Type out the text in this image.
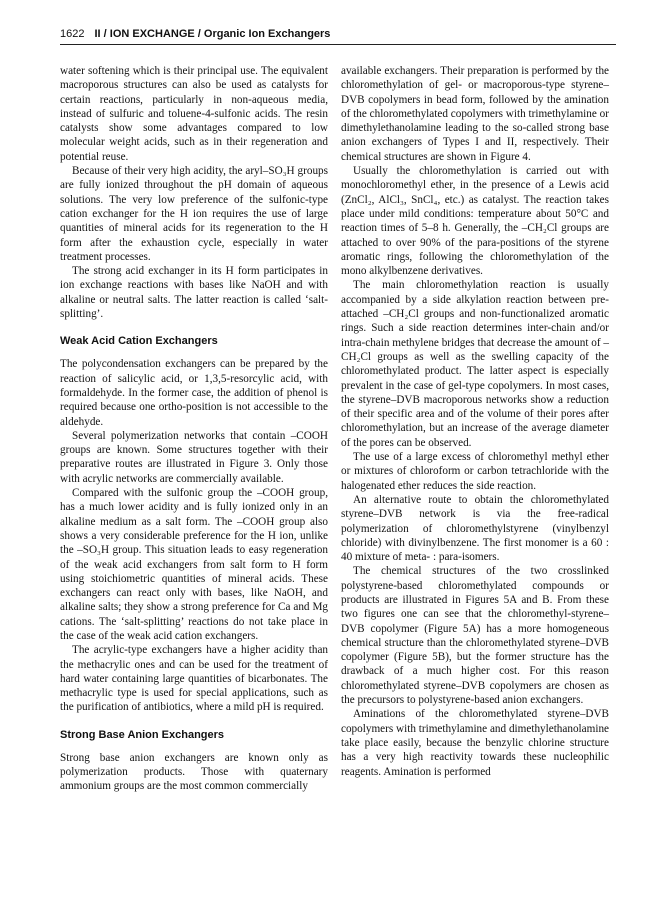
1622 II / ION EXCHANGE / Organic Ion Exchangers

water softening which is their principal use. The equivalent macroporous structures can also be used as catalysts for certain reactions, particularly in non-aqueous media, instead of sulfuric and toluene-4-sulfonic acids. The resin catalysts show some advantages compared to low molecular weight acids, such as in their regeneration and potential reuse.

Because of their very high acidity, the aryl–SO₃H groups are fully ionized throughout the pH domain of aqueous solutions. The very low preference of the sulfonic-type cation exchanger for the H ion requires the use of large quantities of mineral acids for its regeneration to the H form after the exhaustion cycle, especially in water treatment processes.

The strong acid exchanger in its H form participates in ion exchange reactions with bases like NaOH and with alkaline or neutral salts. The latter reaction is called ‘salt-splitting’.

Weak Acid Cation Exchangers

The polycondensation exchangers can be prepared by the reaction of salicylic acid, or 1,3,5-resorcylic acid, with formaldehyde. In the former case, the addition of phenol is required because one ortho-position is not accessible to the aldehyde.

Several polymerization networks that contain –COOH groups are known. Some structures together with their preparative routes are illustrated in Figure 3. Only those with acrylic networks are commercially available.

Compared with the sulfonic group the –COOH group, has a much lower acidity and is fully ionized only in an alkaline medium as a salt form. The –COOH group also shows a very considerable preference for the H ion, unlike the –SO₃H group. This situation leads to easy regeneration of the weak acid exchangers from salt form to H form using stoichiometric quantities of mineral acids. These exchangers can react only with bases, like NaOH, and alkaline salts; they show a strong preference for Ca and Mg cations. The ‘salt-splitting’ reactions do not take place in the case of the weak acid cation exchangers.

The acrylic-type exchangers have a higher acidity than the methacrylic ones and can be used for the treatment of hard water containing large quantities of bicarbonates. The methacrylic type is used for special applications, such as the purification of antibiotics, where a mild pH is required.

Strong Base Anion Exchangers

Strong base anion exchangers are known only as polymerization products. Those with quaternary ammonium groups are the most common commercially

available exchangers. Their preparation is performed by the chloromethylation of gel- or macroporous-type styrene–DVB copolymers in bead form, followed by the amination of the chloromethylated copolymers with trimethylamine or dimethylethanolamine leading to the so-called strong base anion exchangers of Types I and II, respectively. Their chemical structures are shown in Figure 4.

Usually the chloromethylation is carried out with monochloromethyl ether, in the presence of a Lewis acid (ZnCl₂, AlCl₃, SnCl₄, etc.) as catalyst. The reaction takes place under mild conditions: temperature about 50°C and reaction times of 5–8 h. Generally, the –CH₂Cl groups are attached to over 90% of the para-positions of the styrene aromatic rings, following the chloromethylation of the mono alkylbenzene derivatives.

The main chloromethylation reaction is usually accompanied by a side alkylation reaction between pre-attached –CH₂Cl groups and non-functionalized aromatic rings. Such a side reaction determines inter-chain and/or intra-chain methylene bridges that decrease the amount of –CH₂Cl groups as well as the swelling capacity of the chloromethylated product. The latter aspect is especially prevalent in the case of gel-type copolymers. In most cases, the styrene–DVB macroporous networks show a reduction of their specific area and of the volume of their pores after chloromethylation, but an increase of the average diameter of the pores can be observed.

The use of a large excess of chloromethyl methyl ether or mixtures of chloroform or carbon tetrachloride with the halogenated ether reduces the side reaction.

An alternative route to obtain the chloromethylated styrene–DVB network is via the free-radical polymerization of chloromethylstyrene (vinylbenzyl chloride) with divinylbenzene. The first monomer is a 60 : 40 mixture of meta- : para-isomers.

The chemical structures of the two crosslinked polystyrene-based chloromethylated compounds or products are illustrated in Figures 5A and B. From these two figures one can see that the chloromethyl-styrene–DVB copolymer (Figure 5A) has a more homogeneous chemical structure than the chloromethylated styrene–DVB copolymer (Figure 5B), but the former structure has the drawback of a much higher cost. For this reason chloromethylated styrene–DVB copolymers are chosen as the precursors to polystyrene-based anion exchangers.

Aminations of the chloromethylated styrene–DVB copolymers with trimethylamine and dimethylethanolamine take place easily, because the benzylic chlorine structure has a very high reactivity towards these nucleophilic reagents. Amination is performed
